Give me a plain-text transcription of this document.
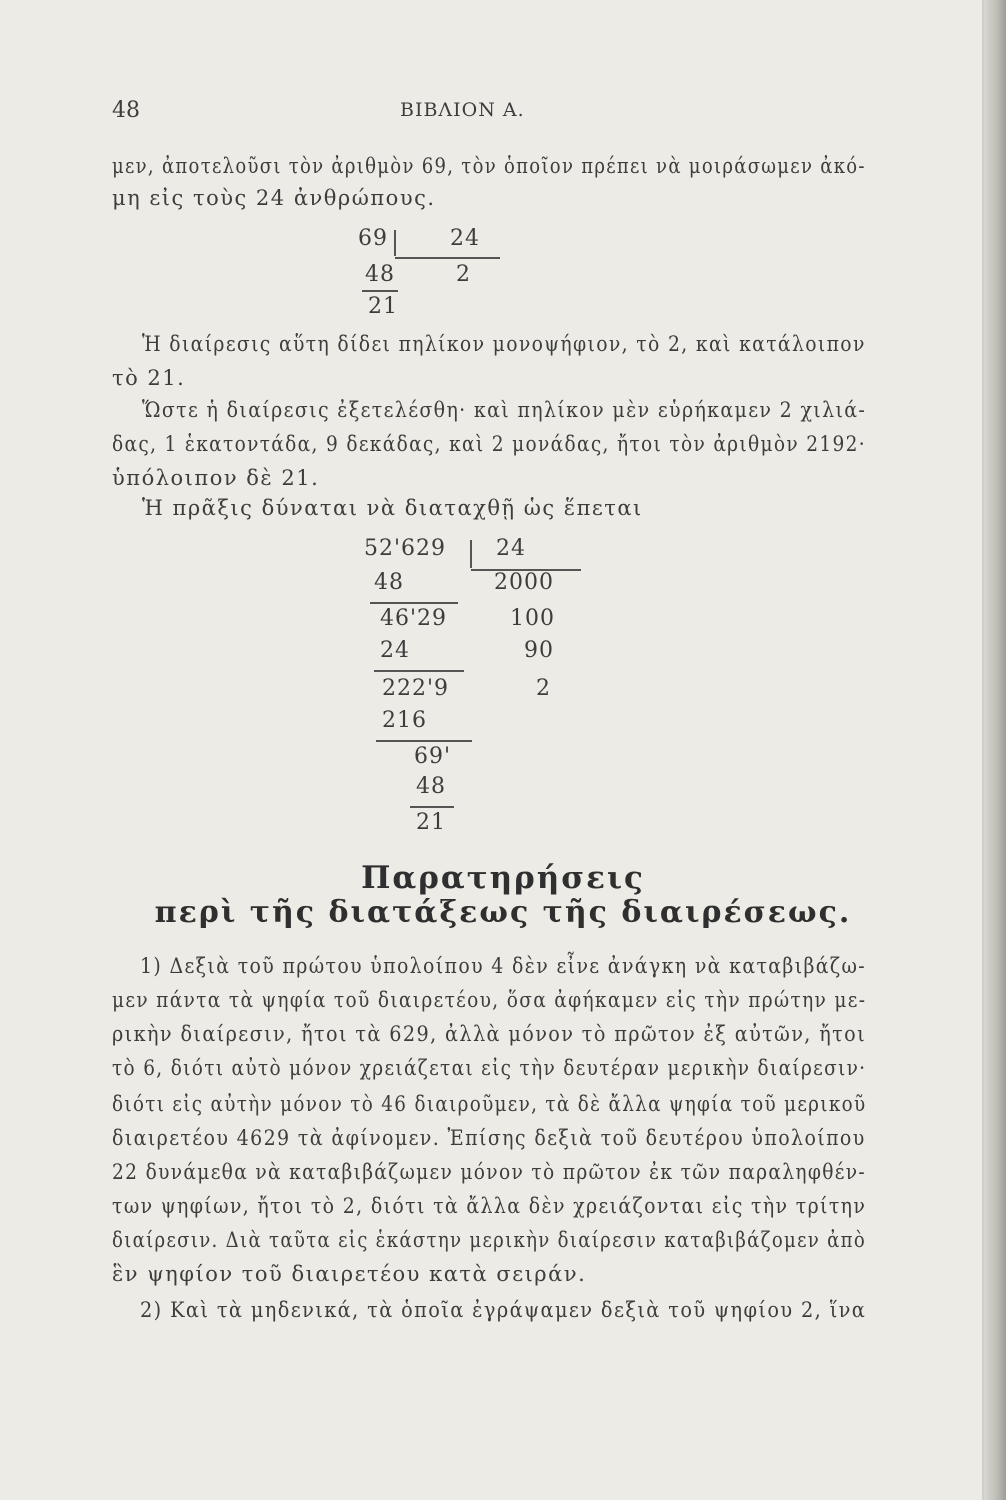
48	ΒΙΒΛΙΟΝ Α.
μεν, ἀποτελοῦσι τὸν ἀριθμὸν 69, τὸν ὁποῖον πρέπει νὰ μοιράσωμεν ἀκό-
μη εἰς τοὺς 24 ἀνθρώπους.
69	24
48	2
21
Ἡ διαίρεσις αὕτη δίδει πηλίκον μονοψήφιον, τὸ 2, καὶ κατάλοιπον
τὸ 21.
Ὥστε ἡ διαίρεσις ἐξετελέσθη· καὶ πηλίκον μὲν εὑρήκαμεν 2 χιλιά-
δας, 1 ἑκατοντάδα, 9 δεκάδας, καὶ 2 μονάδας, ἤτοι τὸν ἀριθμὸν 2192·
ὑπόλοιπον δὲ 21.
Ἡ πρᾶξις δύναται νὰ διαταχθῇ ὡς ἕπεται
52'629 24
48	2000
46'29	100
24	90
222'9	2
216
69'
48
21
Παρατηρήσεις
περὶ τῆς διατάξεως τῆς διαιρέσεως.
1) Δεξιὰ τοῦ πρώτου ὑπολοίπου 4 δὲν εἶνε ἀνάγκη νὰ καταβιβάζω-
μεν πάντα τὰ ψηφία τοῦ διαιρετέου, ὅσα ἀφήκαμεν εἰς τὴν πρώτην με-
ρικὴν διαίρεσιν, ἤτοι τὰ 629, ἀλλὰ μόνον τὸ πρῶτον ἐξ αὐτῶν, ἤτοι
τὸ 6, διότι αὐτὸ μόνον χρειάζεται εἰς τὴν δευτέραν μερικὴν διαίρεσιν·
διότι εἰς αὐτὴν μόνον τὸ 46 διαιροῦμεν, τὰ δὲ ἄλλα ψηφία τοῦ μερικοῦ
διαιρετέου 4629 τὰ ἀφίνομεν. Ἐπίσης δεξιὰ τοῦ δευτέρου ὑπολοίπου
22 δυνάμεθα νὰ καταβιβάζωμεν μόνον τὸ πρῶτον ἐκ τῶν παραληφθέν-
των ψηφίων, ἤτοι τὸ 2, διότι τὰ ἄλλα δὲν χρειάζονται εἰς τὴν τρίτην
διαίρεσιν. Διὰ ταῦτα εἰς ἑκάστην μερικὴν διαίρεσιν καταβιβάζομεν ἀπὸ
ἓν ψηφίον τοῦ διαιρετέου κατὰ σειράν.
2) Καὶ τὰ μηδενικά, τὰ ὁποῖα ἐγράψαμεν δεξιὰ τοῦ ψηφίου 2, ἵνα
